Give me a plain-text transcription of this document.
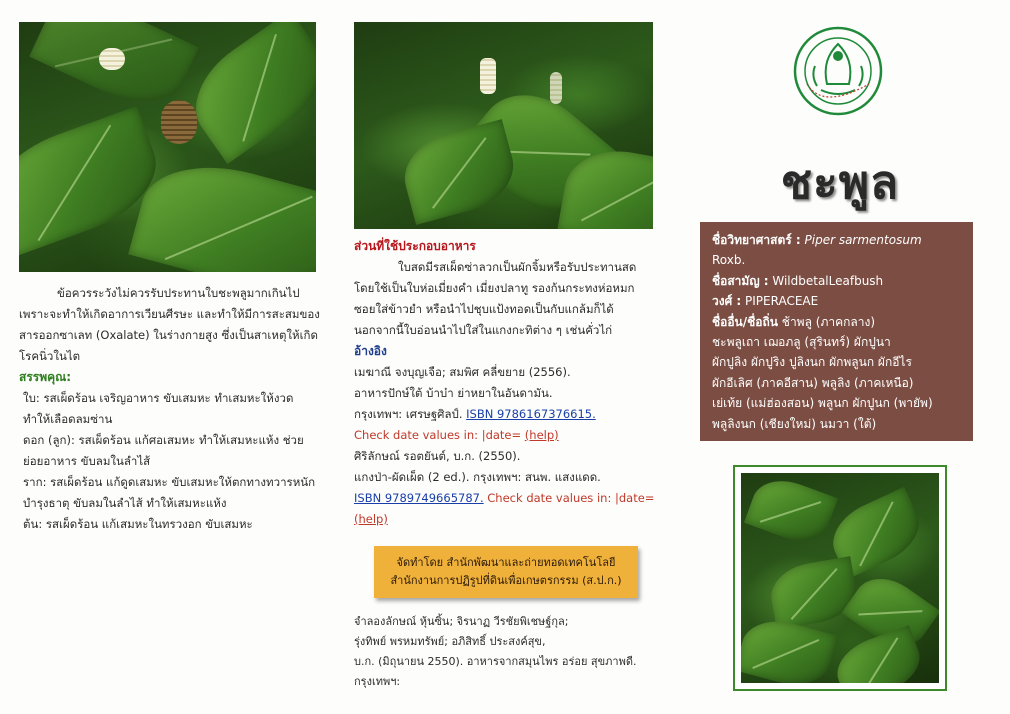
ข้อควรระวังไม่ควรรับประทานใบชะพลูมากเกินไป เพราะจะทำให้เกิดอาการเวียนศีรษะ และทำให้มีการสะสมของสารออกซาเลท (Oxalate) ในร่างกายสูง ซึ่งเป็นสาเหตุให้เกิดโรคนิ่วในไต

สรรพคุณ:

ใบ: รสเผ็ดร้อน เจริญอาหาร ขับเสมหะ ทำเสมหะให้งวด ทำให้เลือดลมซ่าน

ดอก (ลูก): รสเผ็ดร้อน แก้ศอเสมหะ ทำให้เสมหะแห้ง ช่วยย่อยอาหาร ขับลมในลำไส้

ราก: รสเผ็ดร้อน แก้ดูดเสมหะ ขับเสมหะให้ตกทางทวารหนัก บำรุงธาตุ ขับลมในลำไส้ ทำให้เสมหะแห้ง

ต้น: รสเผ็ดร้อน แก้เสมหะในทรวงอก ขับเสมหะ

ส่วนที่ใช้ประกอบอาหาร

ใบสดมีรสเผ็ดซ่าลวกเป็นผักจิ้มหรือรับประทานสด โดยใช้เป็นใบห่อเมี่ยงคำ เมี่ยงปลาทู รองก้นกระทงห่อหมก ซอยใส่ข้าวยำ หรือนำไปชุบแป้งทอดเป็นกับแกล้มก็ได้ นอกจากนี้ใบอ่อนนำไปใส่ในแกงกะทิต่าง ๆ เช่นคั่วไก่

อ้างอิง

เมฆาณี จงบุญเจือ; สมพิศ คลี่ขยาย (2556).

อาหารปักษ์ใต้ บ้าบ๋า ย่าหยาในอันดามัน.

กรุงเทพฯ: เศรษฐศิลป์. ISBN 9786167376615.

Check date values in: |date= (help)

ศิริลักษณ์ รอตยันต์, บ.ก. (2550).

แกงป่า-ผัดเผ็ด (2 ed.). กรุงเทพฯ: สนพ. แสงแดด.

ISBN 9789749665787. Check date values in: |date=

(help)

จัดทำโดย สำนักพัฒนาและถ่ายทอดเทคโนโลยี
สำนักงานการปฏิรูปที่ดินเพื่อเกษตรกรรม (ส.ป.ก.)

จำลองลักษณ์ หุ้นซิ้น; จิรนาฏ วีรชัยพิเชษฐ์กุล;

รุ่งทิพย์ พรหมทรัพย์; อภิสิทธิ์ ประสงค์สุข,

บ.ก. (มิถุนายน 2550). อาหารจากสมุนไพร อร่อย สุขภาพดี.

กรุงเทพฯ:

ชะพูล

ชื่อวิทยาศาสตร์ : Piper sarmentosum

Roxb.

ชื่อสามัญ : WildbetalLeafbush

วงศ์ : PIPERACEAE

ชื่ออื่น/ชื่อถิ่น ช้าพลู (ภาคกลาง)

ชะพลูเถา เฌอภลู (สุรินทร์) ผักปูนา

ผักปูลิง ผักปูริง ปูลิงนก ผักพลูนก ผักอีไร

ผักอีเลิศ (ภาคอีสาน) พลูลิง (ภาคเหนือ)

เย่เท้ย (แม่ฮ่องสอน) พลูนก ผักปูนก (พายัพ)

พลูลิงนก (เชียงใหม่) นมวา (ใต้)
